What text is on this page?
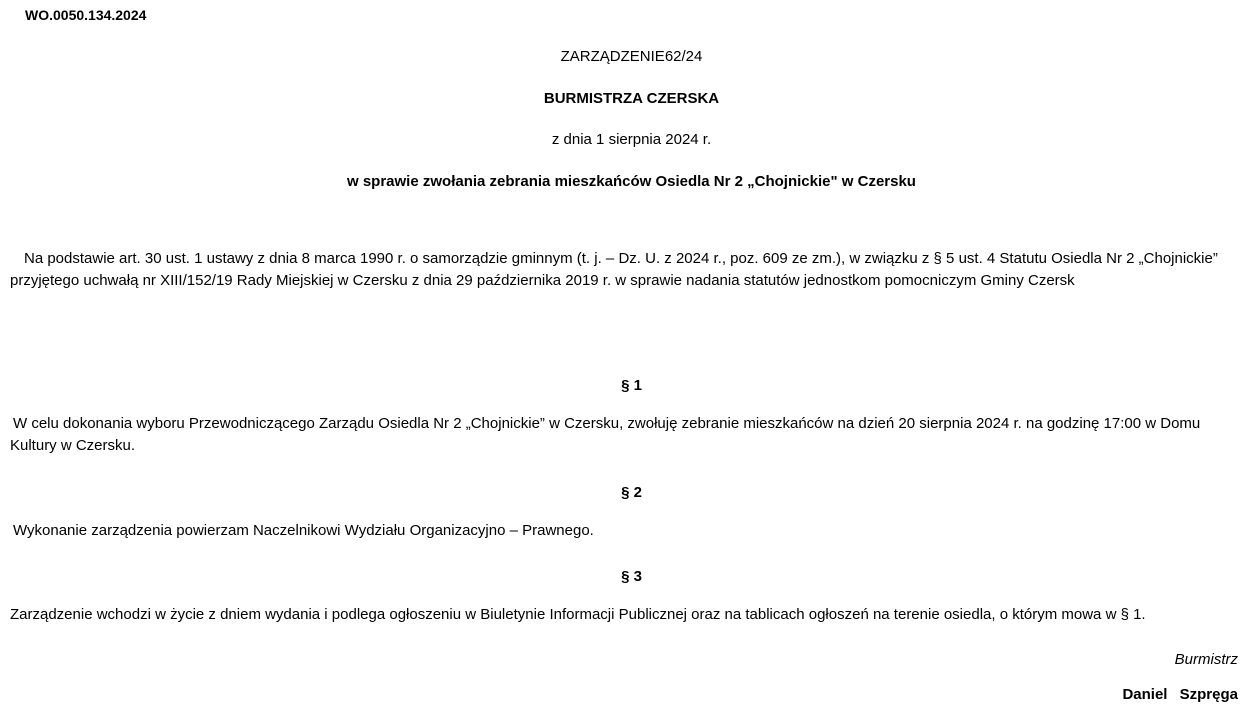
WO.0050.134.2024
ZARZĄDZENIE62/24
BURMISTRZA CZERSKA
z dnia 1 sierpnia 2024 r.
w sprawie zwołania zebrania mieszkańców Osiedla Nr 2 „Chojnickie" w Czersku
Na podstawie art. 30 ust. 1 ustawy z dnia 8 marca 1990 r. o samorządzie gminnym (t. j. – Dz. U. z 2024 r., poz. 609 ze zm.), w związku z § 5 ust. 4 Statutu Osiedla Nr 2 „Chojnickie” przyjętego uchwałą nr XIII/152/19 Rady Miejskiej w Czersku z dnia 29 października 2019 r. w sprawie nadania statutów jednostkom pomocniczym Gminy Czersk
§ 1
W celu dokonania wyboru Przewodniczącego Zarządu Osiedla Nr 2 „Chojnickie” w Czersku, zwołuję zebranie mieszkańców na dzień 20 sierpnia 2024 r. na godzinę 17:00 w Domu Kultury w Czersku.
§ 2
Wykonanie zarządzenia powierzam Naczelnikowi Wydziału Organizacyjno – Prawnego.
§ 3
Zarządzenie wchodzi w życie z dniem wydania i podlega ogłoszeniu w Biuletynie Informacji Publicznej oraz na tablicach ogłoszeń na terenie osiedla, o którym mowa w § 1.
Burmistrz
Daniel Szpręga
